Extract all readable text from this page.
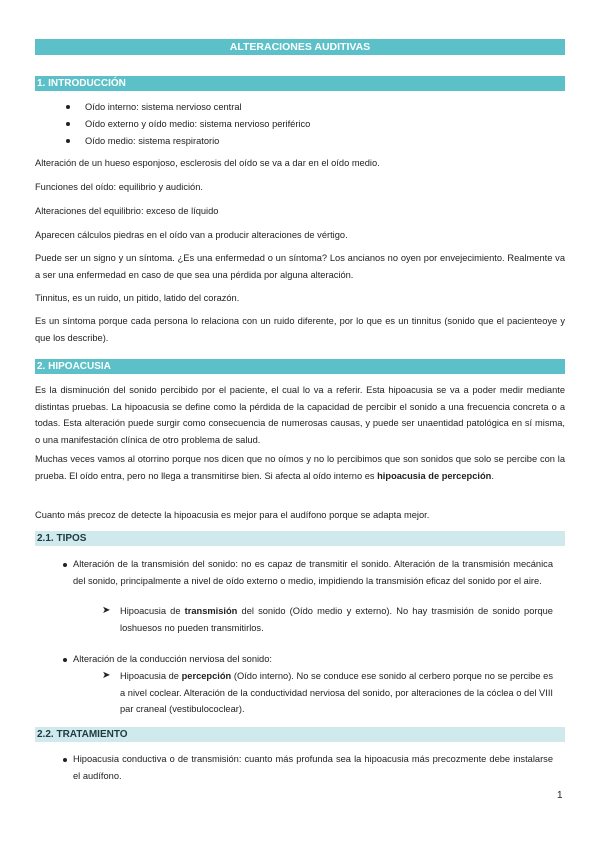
ALTERACIONES AUDITIVAS
1. INTRODUCCIÓN
Oído interno: sistema nervioso central
Oído externo y oído medio: sistema nervioso periférico
Oído medio: sistema respiratorio

Alteración de un hueso esponjoso, esclerosis del oído se va a dar en el oído medio.

Funciones del oído: equilibrio y audición.

Alteraciones del equilibrio: exceso de líquido

Aparecen cálculos piedras en el oído van a producir alteraciones de vértigo.

Puede ser un signo y un síntoma. ¿Es una enfermedad o un síntoma? Los ancianos no oyen por envejecimiento. Realmente va a ser una enfermedad en caso de que sea una pérdida por alguna alteración.

Tinnitus, es un ruido, un pitido, latido del corazón.

Es un síntoma porque cada persona lo relaciona con un ruido diferente, por lo que es un tinnitus (sonido que el pacienteoye y que los describe).

2. HIPOACUSIA

Es la disminución del sonido percibido por el paciente, el cual lo va a referir. Esta hipoacusia se va a poder medir mediante distintas pruebas. La hipoacusia se define como la pérdida de la capacidad de percibir el sonido a una frecuencia concreta o a todas. Esta alteración puede surgir como consecuencia de numerosas causas, y puede ser unaentidad patológica en sí misma, o una manifestación clínica de otro problema de salud.

Muchas veces vamos al otorrino porque nos dicen que no oímos y no lo percibimos que son sonidos que solo se percibe con la prueba. El oído entra, pero no llega a transmitirse bien. Si afecta al oído interno es hipoacusia de percepción.

Cuanto más precoz de detecte la hipoacusia es mejor para el audífono porque se adapta mejor.

2.1. TIPOS
Alteración de la transmisión del sonido: no es capaz de transmitir el sonido. Alteración de la transmisión mecánica del sonido, principalmente a nivel de oído externo o medio, impidiendo la transmisión eficaz del sonido por el aire.
➤ Hipoacusia de transmisión del sonido (Oído medio y externo). No hay trasmisión de sonido porque loshuesos no pueden transmitirlos.
Alteración de la conducción nerviosa del sonido:
➤ Hipoacusia de percepción (Oído interno). No se conduce ese sonido al cerbero porque no se percibe es a nivel coclear. Alteración de la conductividad nerviosa del sonido, por alteraciones de la cóclea o del VIII par craneal (vestibulococlear).
2.2. TRATAMIENTO
Hipoacusia conductiva o de transmisión: cuanto más profunda sea la hipoacusia más precozmente debe instalarse el audífono.
1
